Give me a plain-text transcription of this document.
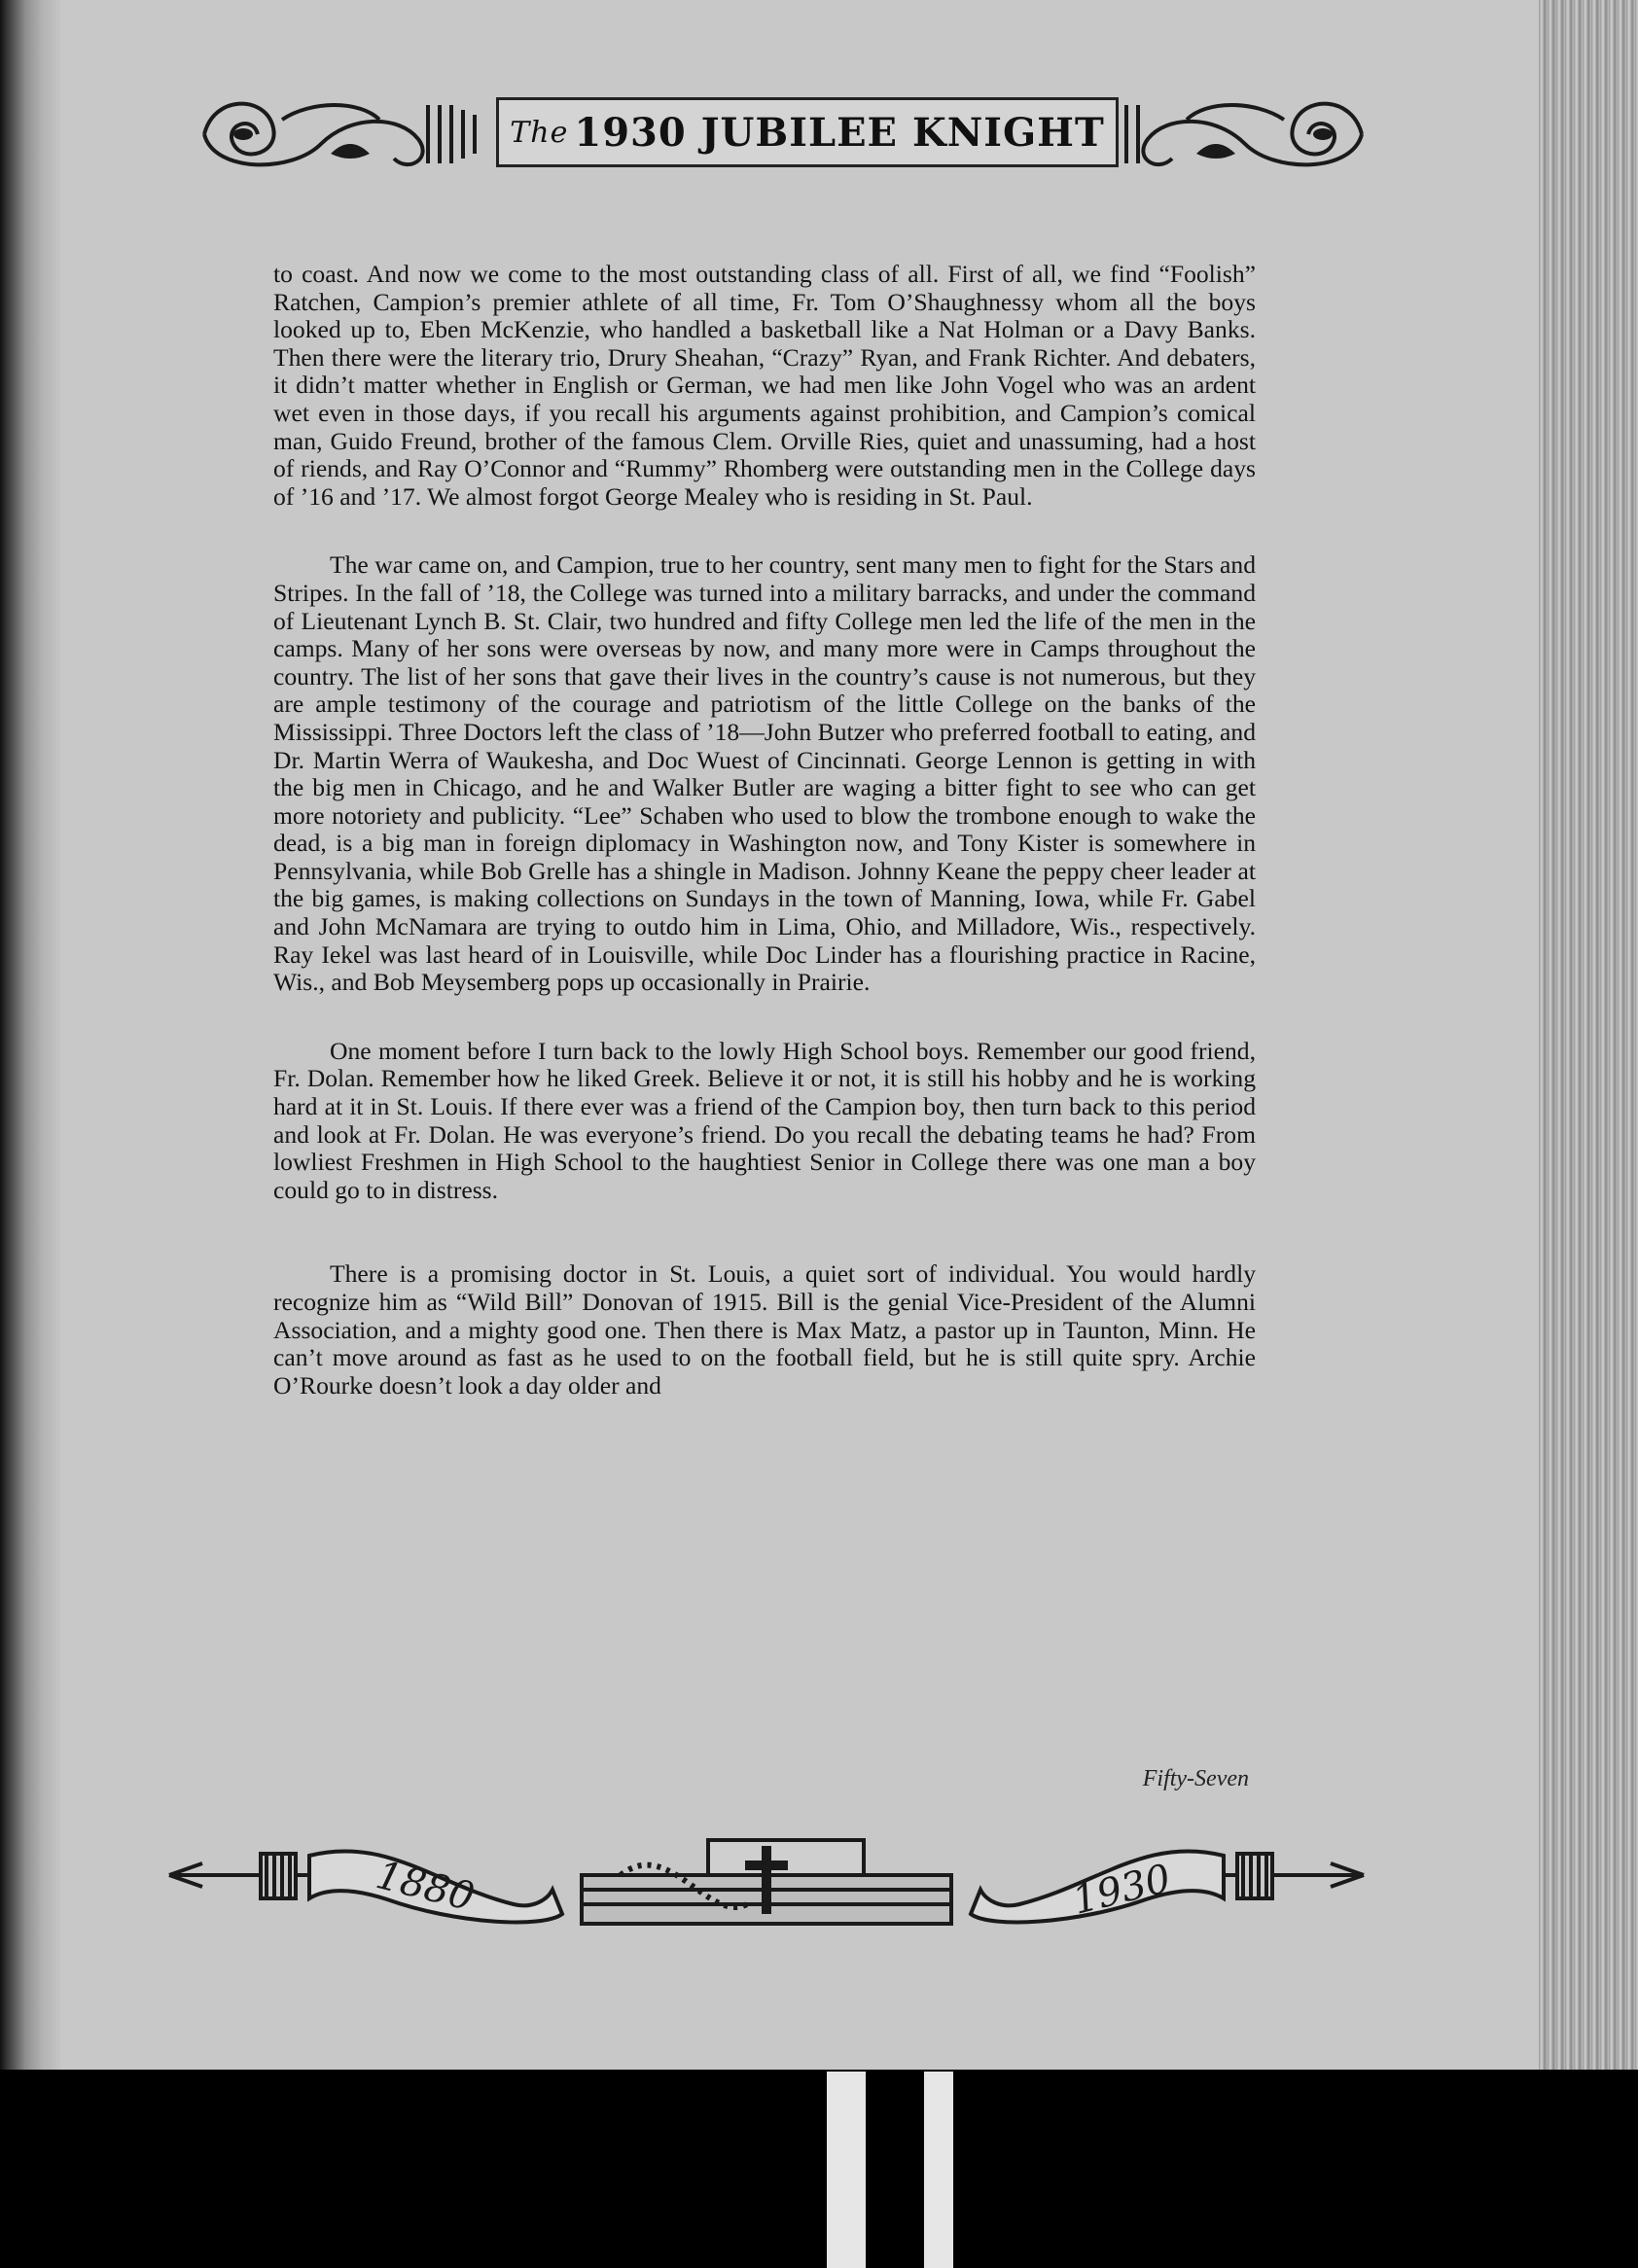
The 1930 JUBILEE KNIGHT

to coast. And now we come to the most outstanding class of all. First of all, we find “Foolish” Ratchen, Campion’s premier athlete of all time, Fr. Tom O’Shaughnessy whom all the boys looked up to, Eben McKenzie, who handled a basketball like a Nat Holman or a Davy Banks. Then there were the literary trio, Drury Sheahan, “Crazy” Ryan, and Frank Richter. And debaters, it didn’t matter whether in English or German, we had men like John Vogel who was an ardent wet even in those days, if you recall his arguments against prohibition, and Campion’s comical man, Guido Freund, brother of the famous Clem. Orville Ries, quiet and unassuming, had a host of riends, and Ray O’Connor and “Rummy” Rhomberg were outstanding men in the College days of ’16 and ’17. We almost forgot George Mealey who is residing in St. Paul.

The war came on, and Campion, true to her country, sent many men to fight for the Stars and Stripes. In the fall of ’18, the College was turned into a military barracks, and under the command of Lieutenant Lynch B. St. Clair, two hundred and fifty College men led the life of the men in the camps. Many of her sons were overseas by now, and many more were in Camps throughout the country. The list of her sons that gave their lives in the country’s cause is not numerous, but they are ample testimony of the courage and patriotism of the little College on the banks of the Mississippi. Three Doctors left the class of ’18—John Butzer who preferred football to eating, and Dr. Martin Werra of Waukesha, and Doc Wuest of Cincinnati. George Lennon is getting in with the big men in Chicago, and he and Walker Butler are waging a bitter fight to see who can get more notoriety and publicity. “Lee” Schaben who used to blow the trombone enough to wake the dead, is a big man in foreign diplomacy in Washington now, and Tony Kister is somewhere in Pennsylvania, while Bob Grelle has a shingle in Madison. Johnny Keane the peppy cheer leader at the big games, is making collections on Sundays in the town of Manning, Iowa, while Fr. Gabel and John McNamara are trying to outdo him in Lima, Ohio, and Milladore, Wis., respectively. Ray Iekel was last heard of in Louisville, while Doc Linder has a flourishing practice in Racine, Wis., and Bob Meysemberg pops up occasionally in Prairie.

One moment before I turn back to the lowly High School boys. Remember our good friend, Fr. Dolan. Remember how he liked Greek. Believe it or not, it is still his hobby and he is working hard at it in St. Louis. If there ever was a friend of the Campion boy, then turn back to this period and look at Fr. Dolan. He was everyone’s friend. Do you recall the debating teams he had? From lowliest Freshmen in High School to the haughtiest Senior in College there was one man a boy could go to in distress.

There is a promising doctor in St. Louis, a quiet sort of individual. You would hardly recognize him as “Wild Bill” Donovan of 1915. Bill is the genial Vice-President of the Alumni Association, and a mighty good one. Then there is Max Matz, a pastor up in Taunton, Minn. He can’t move around as fast as he used to on the football field, but he is still quite spry. Archie O’Rourke doesn’t look a day older and

Fifty-Seven
1880	1930
